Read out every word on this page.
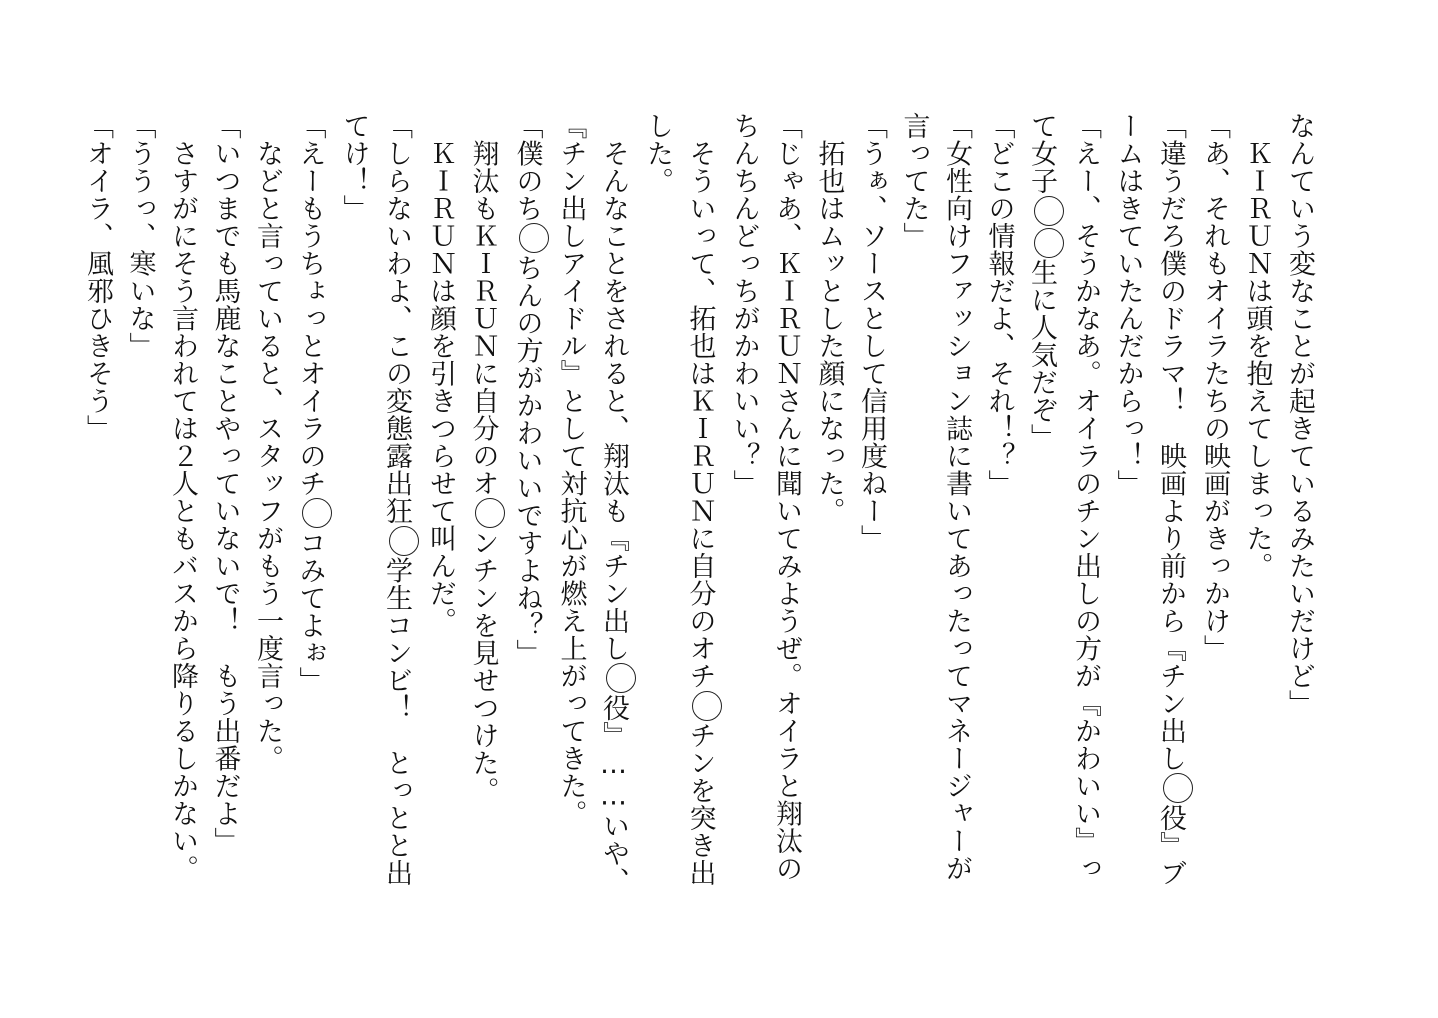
なんていう変なことが起きているみたいだけど」
　ＫＩＲＵＮは頭を抱えてしまった。
「あ、それもオイラたちの映画がきっかけ」
「違うだろ僕のドラマ！　映画より前から『チン出し役』ブ
ームはきていたんだからっ！」
「えー、そうかなあ。オイラのチン出しの方が『かわいい』っ
て女子生に人気だぞ」
「どこの情報だよ、それ！？」
「女性向けファッション誌に書いてあったってマネージャーが
言ってた」
「うぁ、ソースとして信用度ねー」
　拓也はムッとした顔になった。
「じゃあ、ＫＩＲＵＮさんに聞いてみようぜ。オイラと翔汰の
ちんちんどっちがかわいい？」
　そういって、拓也はＫＩＲＵＮに自分のオチチンを突き出
した。
　そんなことをされると、翔汰も『チン出し役』……いや、
『チン出しアイドル』として対抗心が燃え上がってきた。
「僕のちちんの方がかわいいですよね？」
　翔汰もＫＩＲＵＮに自分のオンチンを見せつけた。
　ＫＩＲＵＮは顔を引きつらせて叫んだ。
「しらないわよ、この変態露出狂学生コンビ！　とっとと出
てけ！」
「えーもうちょっとオイラのチコみてよぉ」
　などと言っていると、スタッフがもう一度言った。
「いつまでも馬鹿なことやっていないで！　もう出番だよ」
　さすがにそう言われては２人ともバスから降りるしかない。
「ううっ、寒いな」
「オイラ、風邪ひきそう」
